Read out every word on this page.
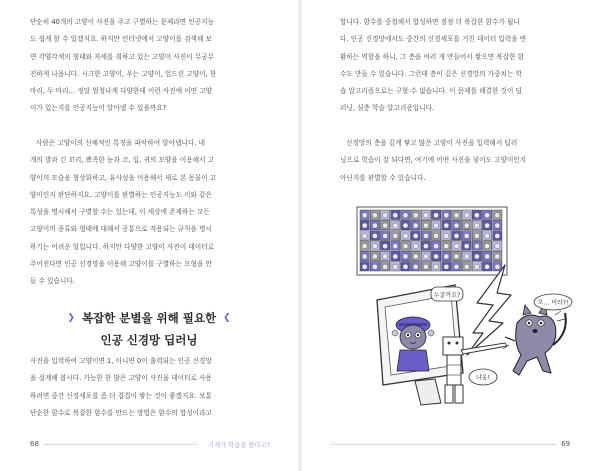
단순히 40개의 고양이 사진을 주고 구별하는 문제라면 인공지능
도 쉽게 할 수 있겠지요. 하지만 인터넷에서 고양이를 검색해 보
면 각양각색의 형태와 자세를 취하고 있는 고양이 사진이 무궁무
진하게 나옵니다. 시크한 고양이, 우는 고양이, 엎드린 고양이, 한
마리, 두 마리… 정말 엄청나게 다양한데 이런 사진에 어떤 고양
이가 있는지를 인공지능이 알아낼 수 있을까요?
사람은 고양이의 신체적인 특징을 파악하여 알아냅니다. 네
개의 발과 긴 꼬리, 뾰족한 눈과 코, 입, 귀의 모양을 이용해서 고
양이의 모습을 형상화하고, 유사성을 이용해서 새로 본 동물이 고
양이인지 판단하지요. 고양이를 판별하는 인공지능도 이와 같은
특성을 명시해서 구별할 수는 있는데, 이 세상에 존재하는 모든
고양이의 종류와 형태에 대해서 공통으로 적용되는 규칙을 명시
하기는 어려운 일입니다. 하지만 다양한 고양이 사진이 데이터로
주어진다면 인공 신경망을 이용해 고양이를 구별하는 모형을 만
들 수 있습니다.
❯ 복잡한 분별을 위해 필요한 ❮
인공 신경망 딥러닝
사진을 입력하여 고양이면 1, 아니면 0이 출력되는 인공 신경망
을 설계해 봅시다. 가능한 한 많은 고양이 사진을 데이터로 사용
하려면 중간 신경세포를 좀 더 겹겹이 쌓는 것이 좋겠지요. 보통
단순한 함수로 복잡한 함수를 만드는 방법은 함수의 합성이라고
68	기계가 학습을 한다고?
합니다. 함수를 중첩해서 합성하면 점점 더 복잡한 함수가 됩니
다. 인공 신경망에서도 중간의 신경세포를 거친 데이터 입력을 변
환하는 역할을 하니, 그 층을 여러 개 만들어서 쌓으면 복잡한 함
수도 만들 수 있습니다. 그런데 층이 깊은 신경망의 가중치는 학
습 알고리즘으로는 구할 수 없습니다. 이 문제를 해결한 것이 딥
러닝, 심층 학습 알고리즘입니다.
신경망의 층을 깊게 쌓고 많은 고양이 사진을 입력해서 딥러
닝으로 학습이 잘 되다면, 여기에 어떤 사진을 넣어도 고양이인지
아닌지를 판별할 수 있습니다.
69
누굴까요?
냐옹!
모… 미라?!
